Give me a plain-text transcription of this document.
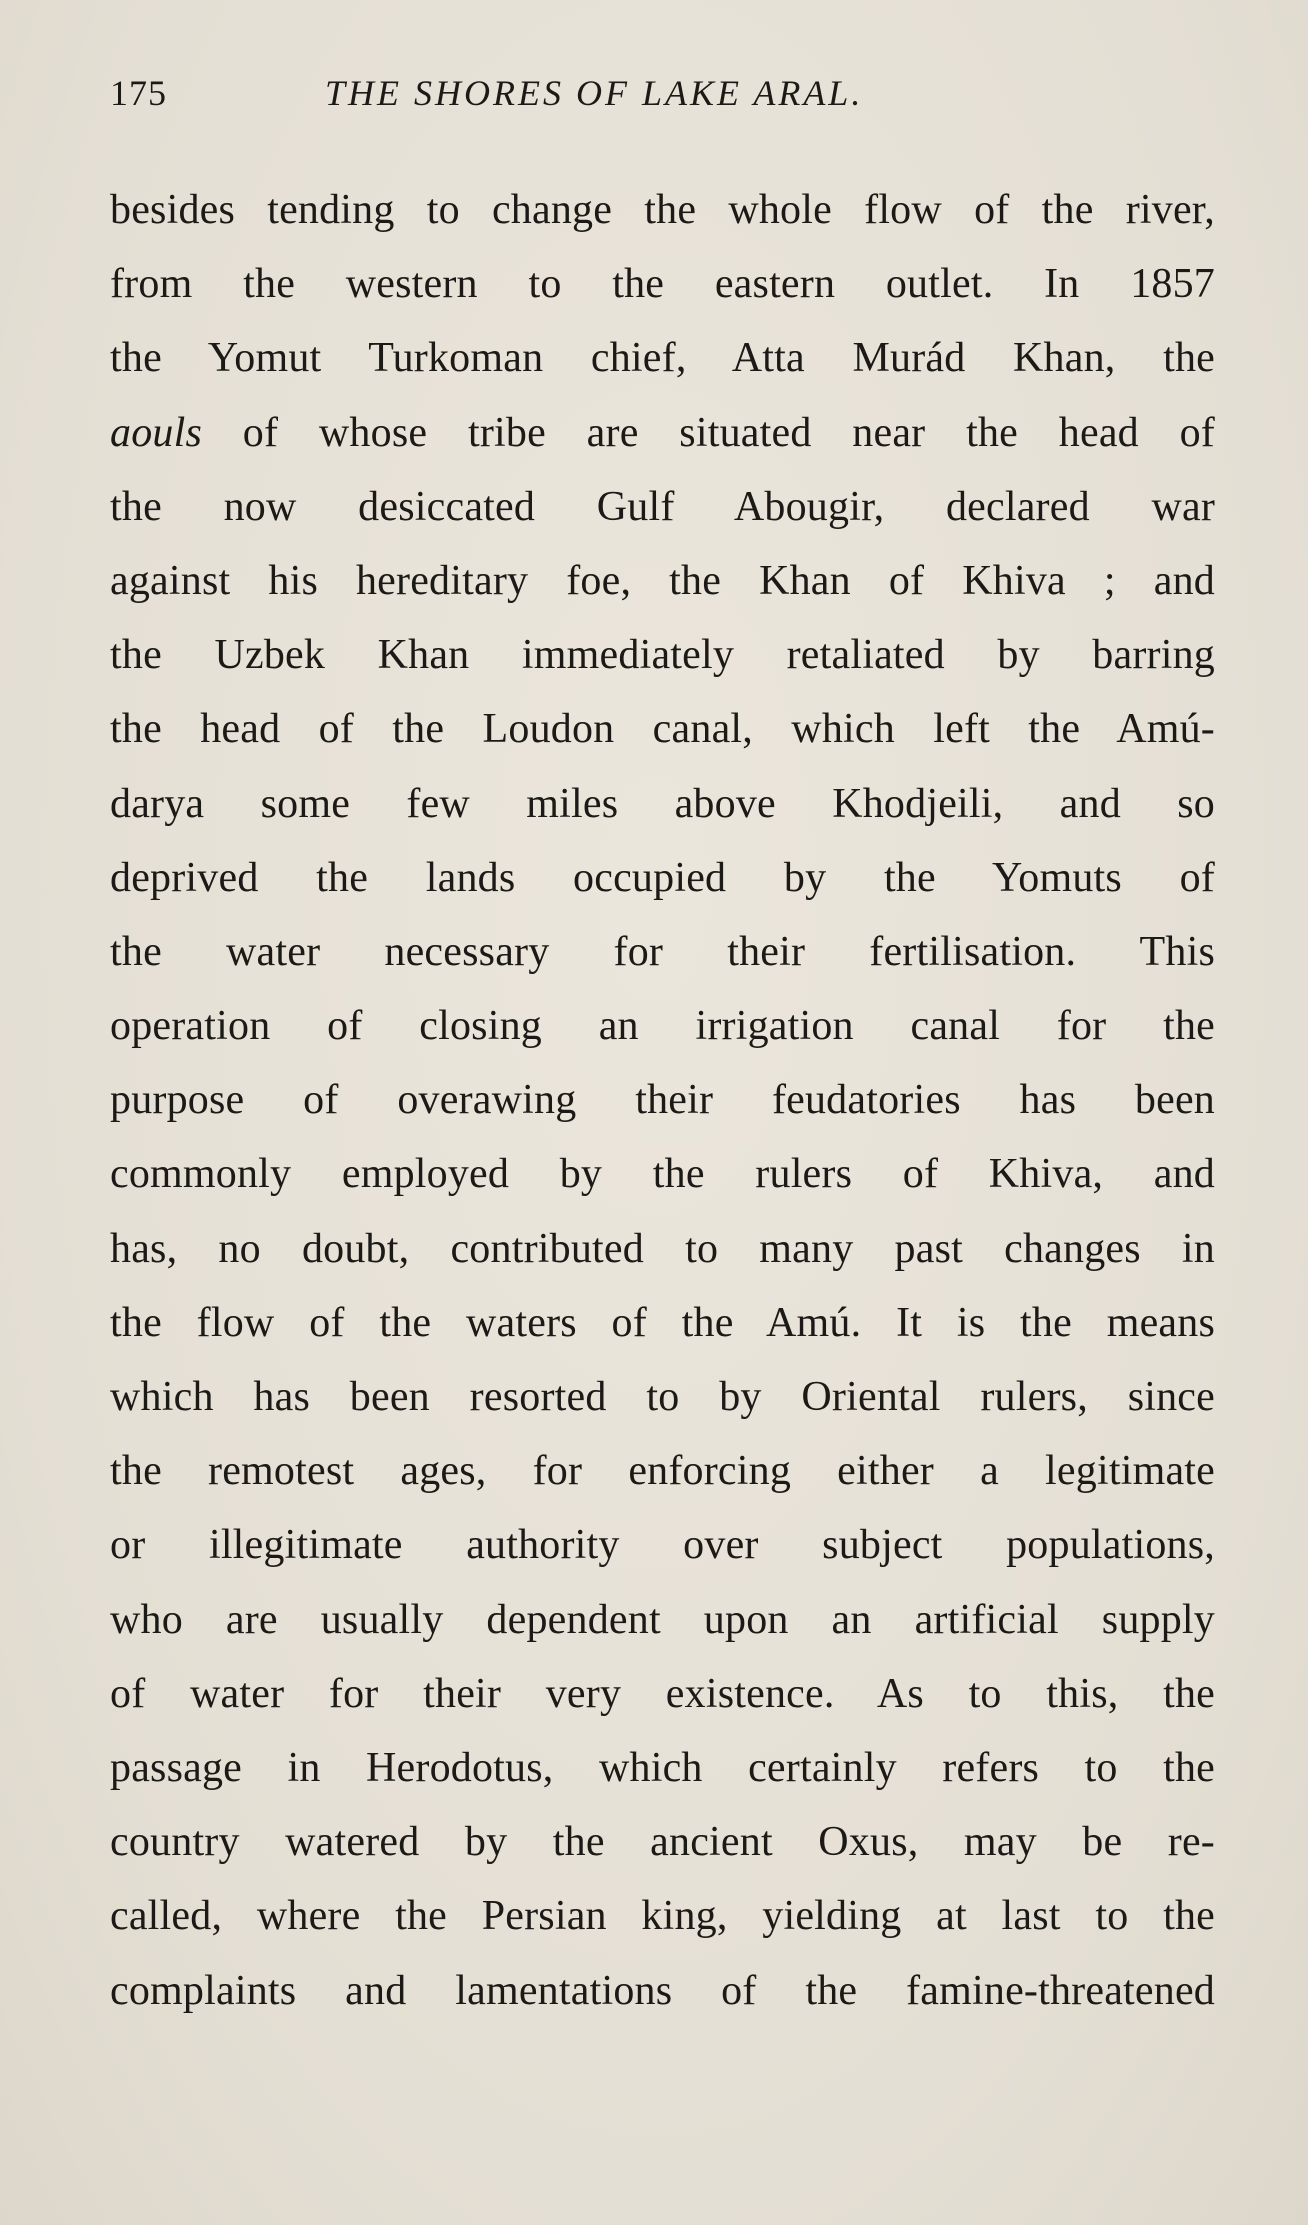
175	THE SHORES OF LAKE ARAL.
besides tending to change the whole flow of the river,
from the western to the eastern outlet. In 1857
the Yomut Turkoman chief, Atta Murád Khan, the
aouls of whose tribe are situated near the head of
the now desiccated Gulf Abougir, declared war
against his hereditary foe, the Khan of Khiva ; and
the Uzbek Khan immediately retaliated by barring
the head of the Loudon canal, which left the Amú-
darya some few miles above Khodjeili, and so
deprived the lands occupied by the Yomuts of
the water necessary for their fertilisation. This
operation of closing an irrigation canal for the
purpose of overawing their feudatories has been
commonly employed by the rulers of Khiva, and
has, no doubt, contributed to many past changes in
the flow of the waters of the Amú. It is the means
which has been resorted to by Oriental rulers, since
the remotest ages, for enforcing either a legitimate
or illegitimate authority over subject populations,
who are usually dependent upon an artificial supply
of water for their very existence. As to this, the
passage in Herodotus, which certainly refers to the
country watered by the ancient Oxus, may be re-
called, where the Persian king, yielding at last to the
complaints and lamentations of the famine-threatened
